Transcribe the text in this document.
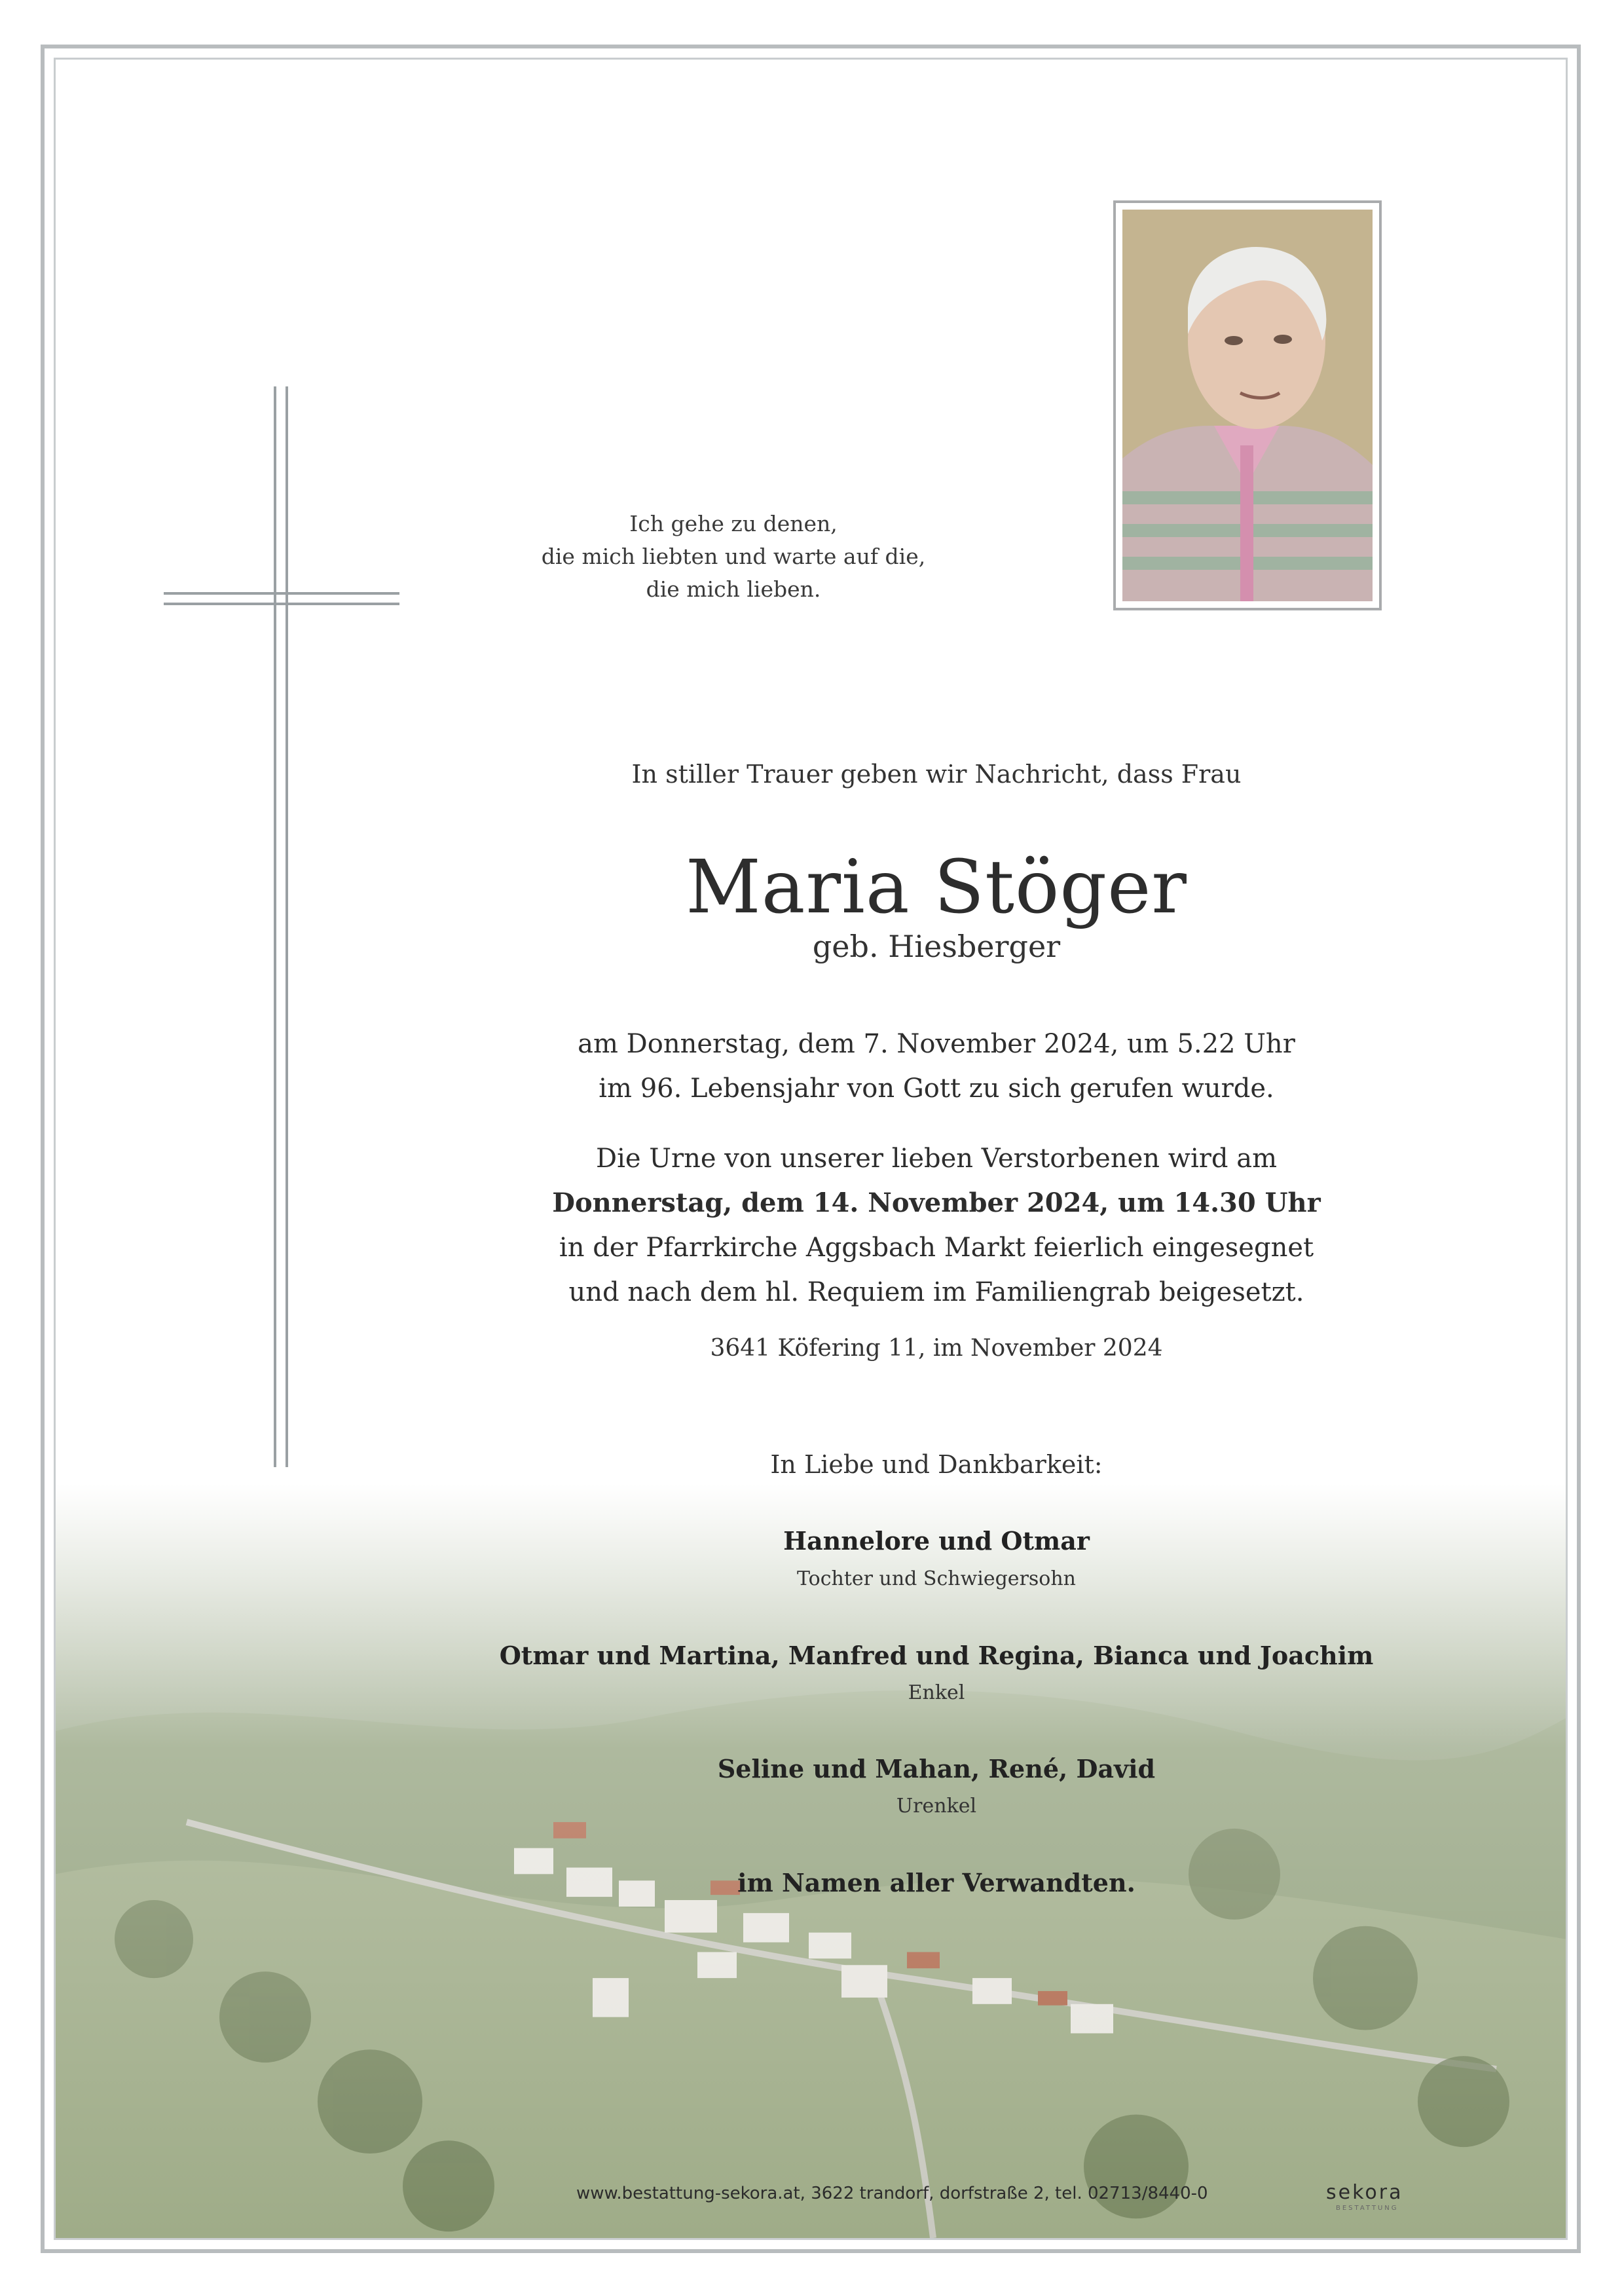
Ich gehe zu denen,
die mich liebten und warte auf die,
die mich lieben.
In stiller Trauer geben wir Nachricht, dass Frau
Maria Stöger
geb. Hiesberger
am Donnerstag, dem 7. November 2024, um 5.22 Uhr
im 96. Lebensjahr von Gott zu sich gerufen wurde.
Die Urne von unserer lieben Verstorbenen wird am
Donnerstag, dem 14. November 2024, um 14.30 Uhr
in der Pfarrkirche Aggsbach Markt feierlich eingesegnet
und nach dem hl. Requiem im Familiengrab beigesetzt.
3641 Köfering 11, im November 2024
In Liebe und Dankbarkeit:
Hannelore und Otmar
Tochter und Schwiegersohn
Otmar und Martina, Manfred und Regina, Bianca und Joachim
Enkel
Seline und Mahan, René, David
Urenkel
im Namen aller Verwandten.
www.bestattung-sekora.at, 3622 trandorf, dorfstraße 2, tel. 02713/8440-0	sekora
BESTATTUNG
